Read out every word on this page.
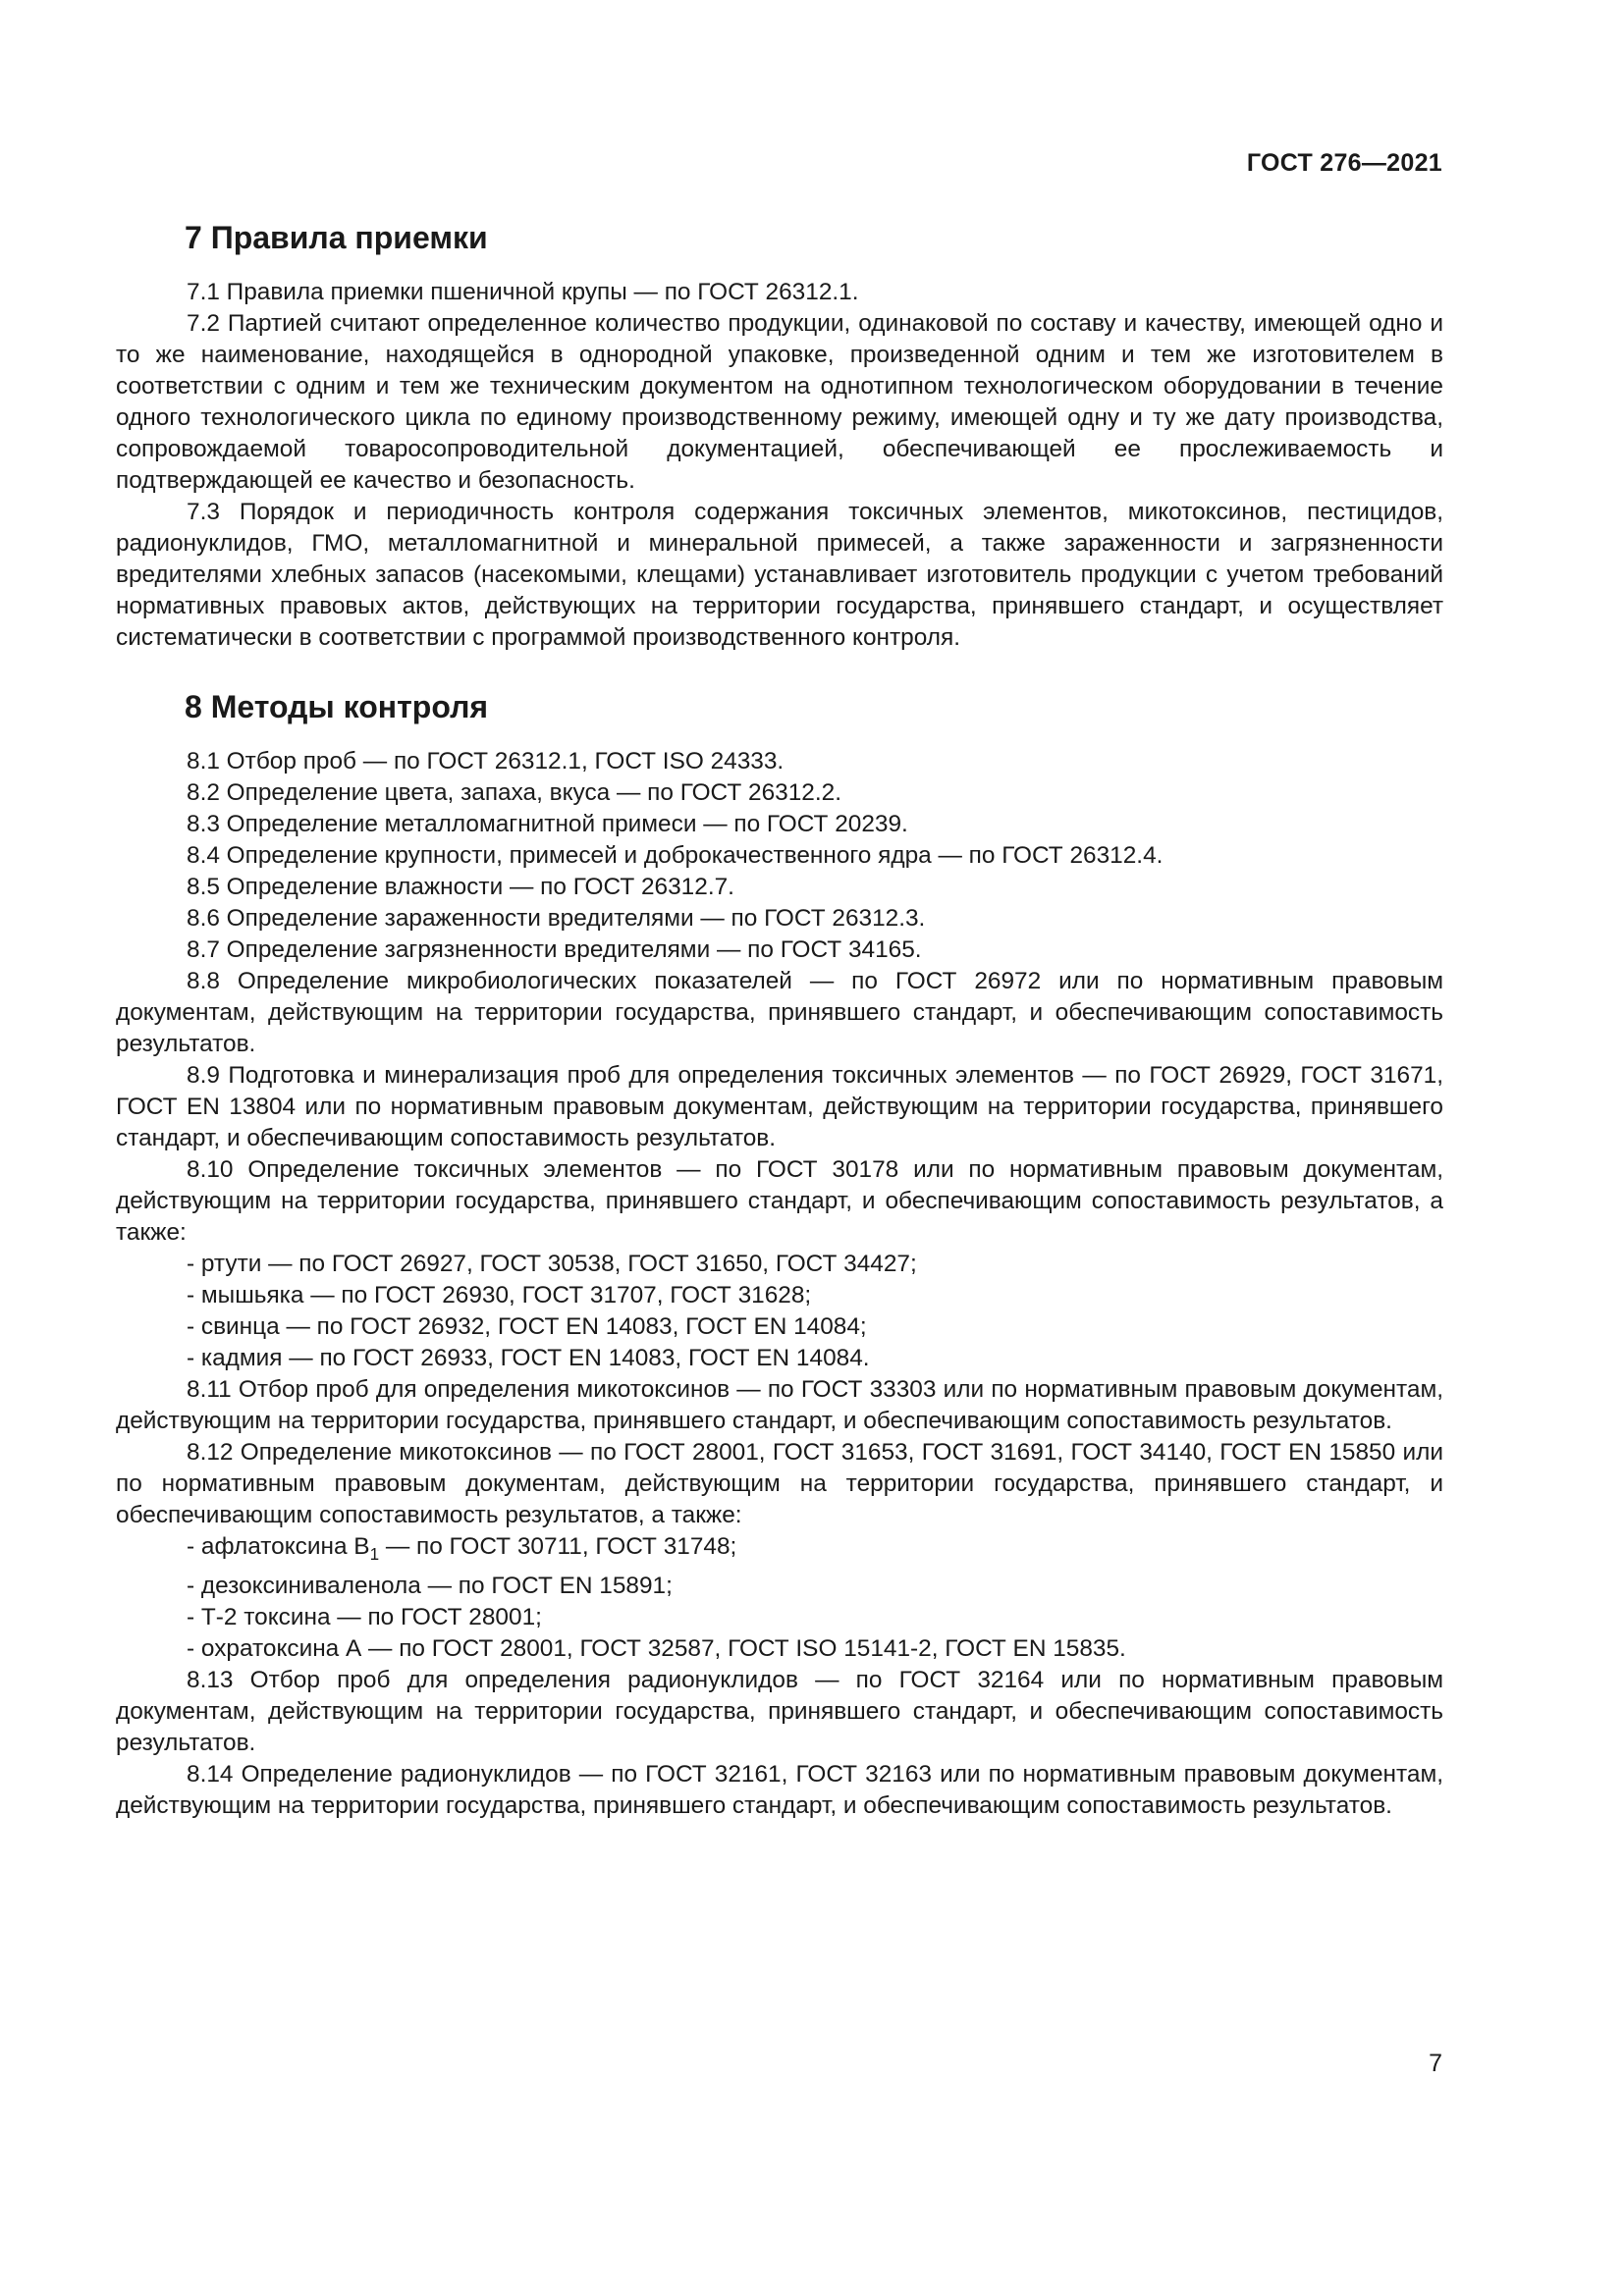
ГОСТ 276—2021
7 Правила приемки

7.1 Правила приемки пшеничной крупы — по ГОСТ 26312.1.

7.2 Партией считают определенное количество продукции, одинаковой по составу и качеству, имеющей одно и то же наименование, находящейся в однородной упаковке, произведенной одним и тем же изготовителем в соответствии с одним и тем же техническим документом на однотипном технологическом оборудовании в течение одного технологического цикла по единому производственному режиму, имеющей одну и ту же дату производства, сопровождаемой товаросопроводительной документацией, обеспечивающей ее прослеживаемость и подтверждающей ее качество и безопасность.

7.3 Порядок и периодичность контроля содержания токсичных элементов, микотоксинов, пестицидов, радионуклидов, ГМО, металломагнитной и минеральной примесей, а также зараженности и загрязненности вредителями хлебных запасов (насекомыми, клещами) устанавливает изготовитель продукции с учетом требований нормативных правовых актов, действующих на территории государства, принявшего стандарт, и осуществляет систематически в соответствии с программой производственного контроля.

8 Методы контроля

8.1 Отбор проб — по ГОСТ 26312.1, ГОСТ ISO 24333.

8.2 Определение цвета, запаха, вкуса — по ГОСТ 26312.2.

8.3 Определение металломагнитной примеси — по ГОСТ 20239.

8.4 Определение крупности, примесей и доброкачественного ядра — по ГОСТ 26312.4.

8.5 Определение влажности — по ГОСТ 26312.7.

8.6 Определение зараженности вредителями — по ГОСТ 26312.3.

8.7 Определение загрязненности вредителями — по ГОСТ 34165.

8.8 Определение микробиологических показателей — по ГОСТ 26972 или по нормативным правовым документам, действующим на территории государства, принявшего стандарт, и обеспечивающим сопоставимость результатов.

8.9 Подготовка и минерализация проб для определения токсичных элементов — по ГОСТ 26929, ГОСТ 31671, ГОСТ EN 13804 или по нормативным правовым документам, действующим на территории государства, принявшего стандарт, и обеспечивающим сопоставимость результатов.

8.10 Определение токсичных элементов — по ГОСТ 30178 или по нормативным правовым документам, действующим на территории государства, принявшего стандарт, и обеспечивающим сопоставимость результатов, а также:

- ртути — по ГОСТ 26927, ГОСТ 30538, ГОСТ 31650, ГОСТ 34427;

- мышьяка — по ГОСТ 26930, ГОСТ 31707, ГОСТ 31628;

- свинца — по ГОСТ 26932, ГОСТ EN 14083, ГОСТ EN 14084;

- кадмия — по ГОСТ 26933, ГОСТ EN 14083, ГОСТ EN 14084.

8.11 Отбор проб для определения микотоксинов — по ГОСТ 33303 или по нормативным правовым документам, действующим на территории государства, принявшего стандарт, и обеспечивающим сопоставимость результатов.

8.12 Определение микотоксинов — по ГОСТ 28001, ГОСТ 31653, ГОСТ 31691, ГОСТ 34140, ГОСТ EN 15850 или по нормативным правовым документам, действующим на территории государства, принявшего стандарт, и обеспечивающим сопоставимость результатов, а также:

- афлатоксина $В_1$ — по ГОСТ 30711, ГОСТ 31748;

- дезоксиниваленола — по ГОСТ EN 15891;

- Т-2 токсина — по ГОСТ 28001;

- охратоксина А — по ГОСТ 28001, ГОСТ 32587, ГОСТ ISO 15141-2, ГОСТ EN 15835.

8.13 Отбор проб для определения радионуклидов — по ГОСТ 32164 или по нормативным правовым документам, действующим на территории государства, принявшего стандарт, и обеспечивающим сопоставимость результатов.

8.14 Определение радионуклидов — по ГОСТ 32161, ГОСТ 32163 или по нормативным правовым документам, действующим на территории государства, принявшего стандарт, и обеспечивающим сопоставимость результатов.

7
